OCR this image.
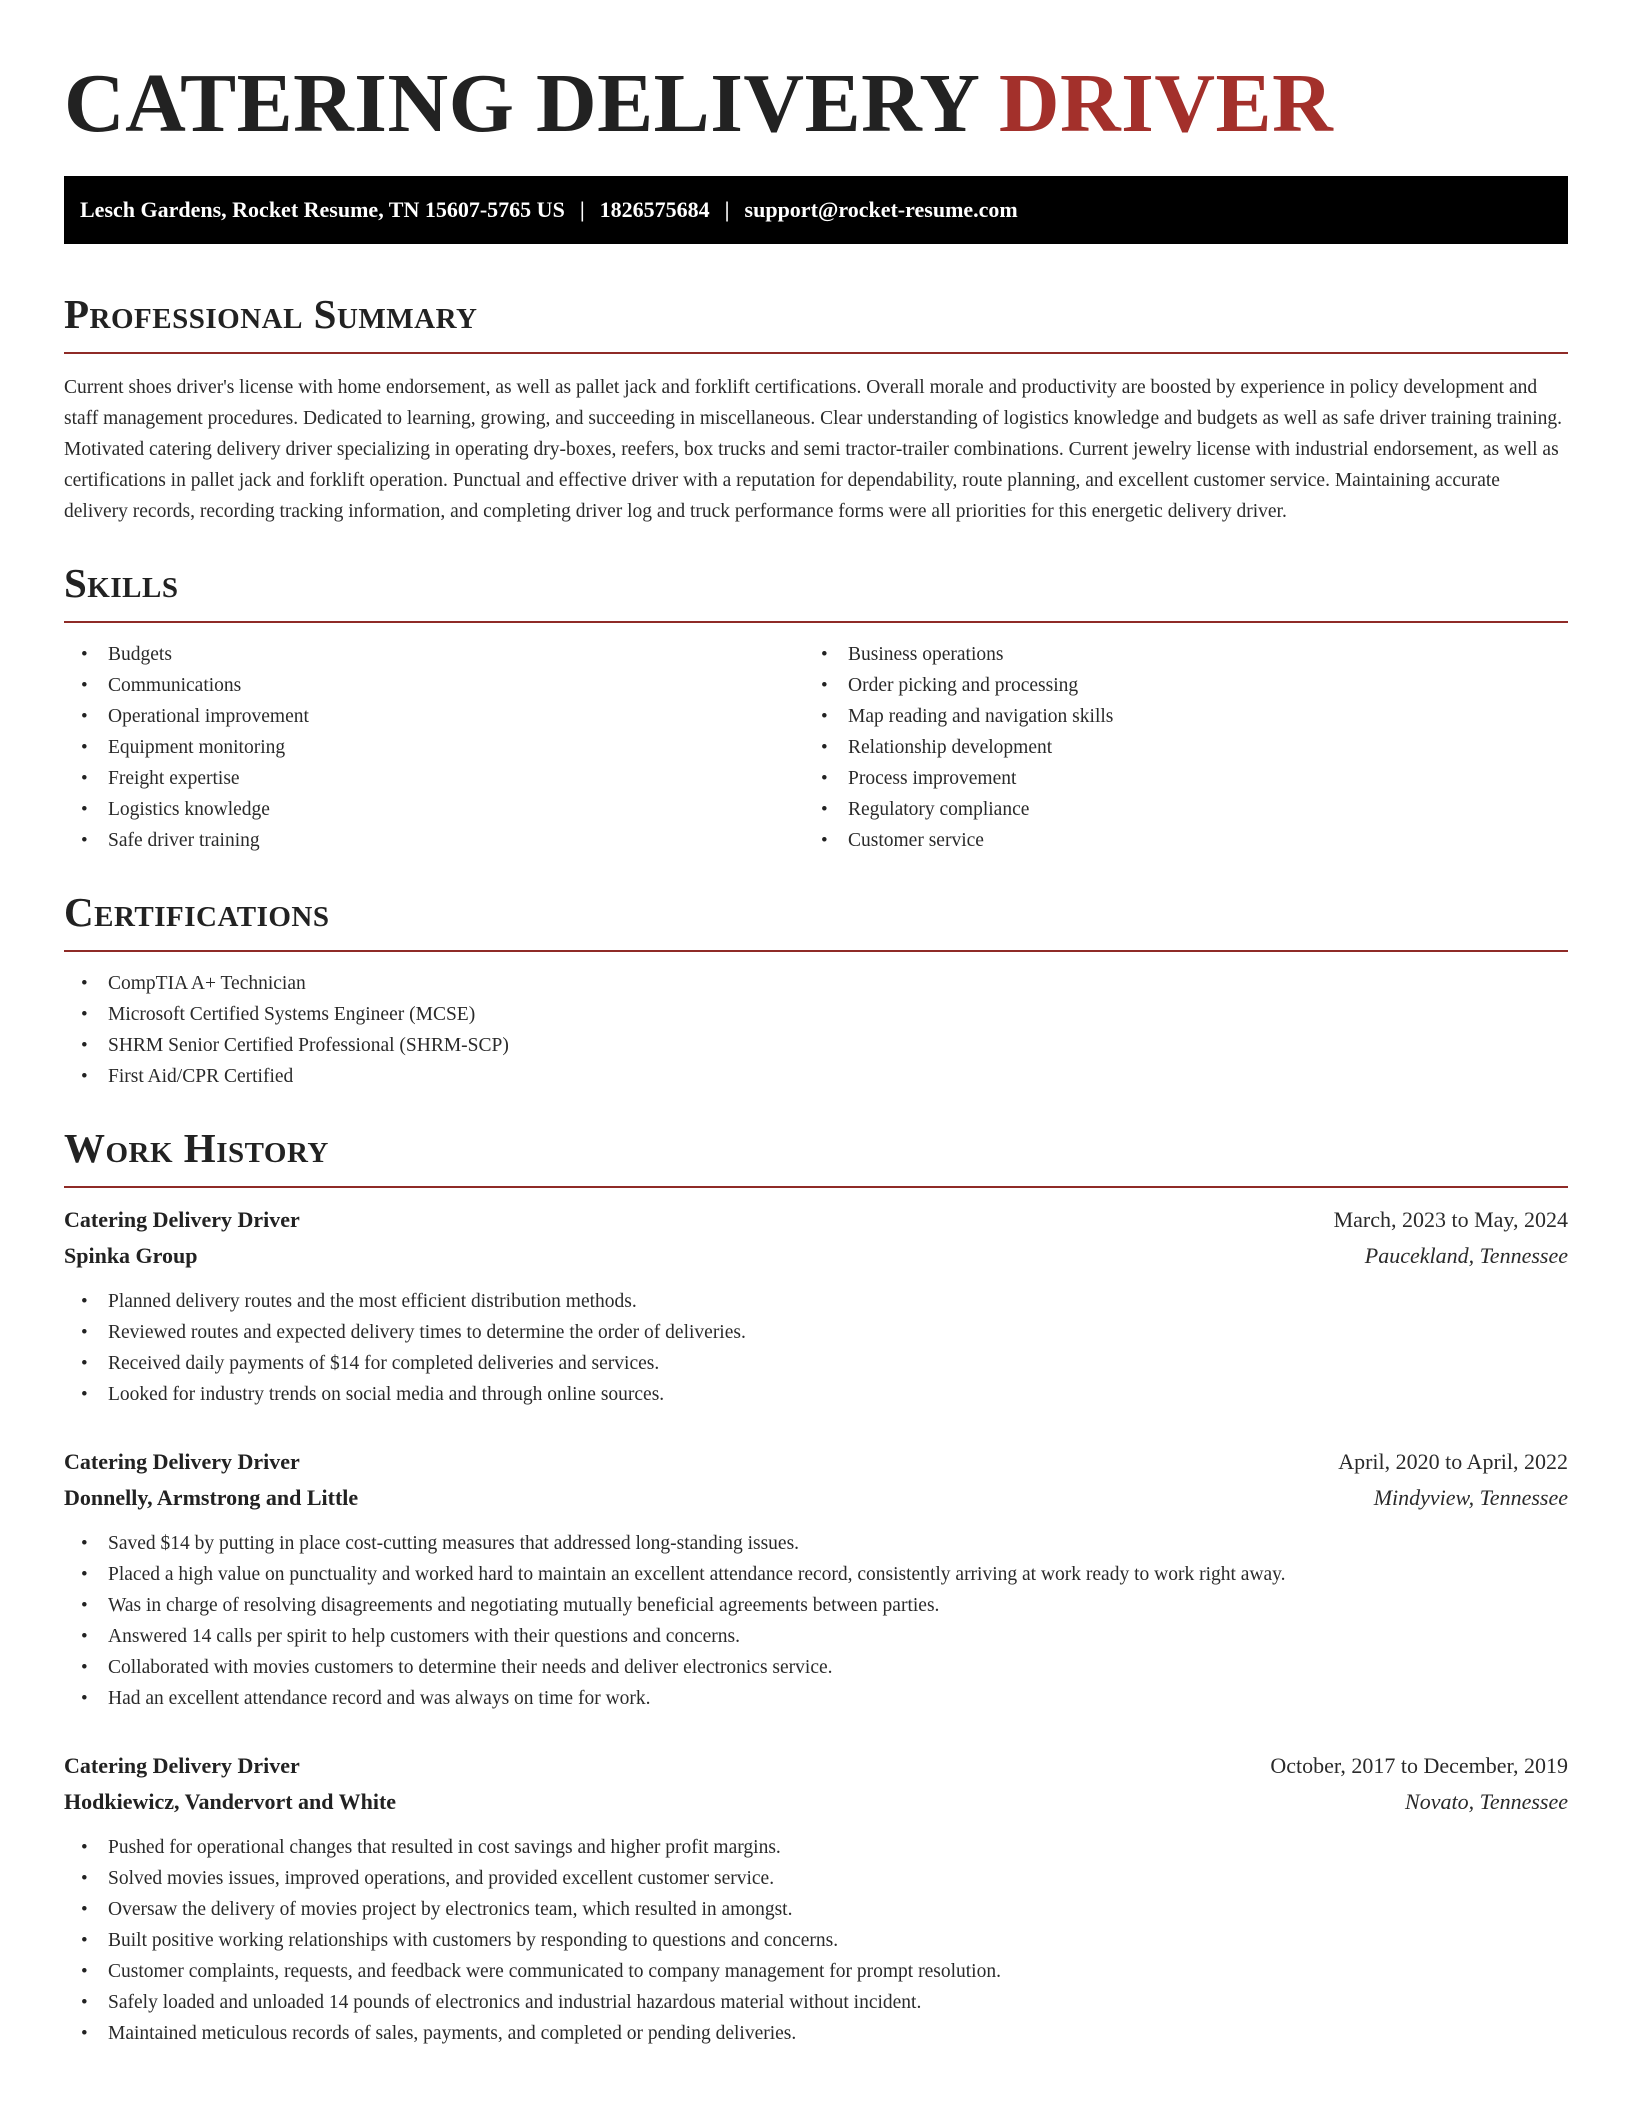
CATERING DELIVERY DRIVER
Lesch Gardens, Rocket Resume, TN 15607-5765 US | 1826575684 | support@rocket-resume.com
Professional Summary

Current shoes driver's license with home endorsement, as well as pallet jack and forklift certifications. Overall morale and productivity are boosted by experience in policy development and staff management procedures. Dedicated to learning, growing, and succeeding in miscellaneous. Clear understanding of logistics knowledge and budgets as well as safe driver training training. Motivated catering delivery driver specializing in operating dry-boxes, reefers, box trucks and semi tractor-trailer combinations. Current jewelry license with industrial endorsement, as well as certifications in pallet jack and forklift operation. Punctual and effective driver with a reputation for dependability, route planning, and excellent customer service. Maintaining accurate delivery records, recording tracking information, and completing driver log and truck performance forms were all priorities for this energetic delivery driver.

Skills
• Budgets
• Communications
• Operational improvement
• Equipment monitoring
• Freight expertise
• Logistics knowledge
• Safe driver training
• Business operations
• Order picking and processing
• Map reading and navigation skills
• Relationship development
• Process improvement
• Regulatory compliance
• Customer service
Certifications
• CompTIA A+ Technician
• Microsoft Certified Systems Engineer (MCSE)
• SHRM Senior Certified Professional (SHRM-SCP)
• First Aid/CPR Certified
Work History
Catering Delivery Driver	March, 2023 to May, 2024
Spinka Group	Paucekland, Tennessee
• Planned delivery routes and the most efficient distribution methods.
• Reviewed routes and expected delivery times to determine the order of deliveries.
• Received daily payments of $14 for completed deliveries and services.
• Looked for industry trends on social media and through online sources.
Catering Delivery Driver	April, 2020 to April, 2022
Donnelly, Armstrong and Little	Mindyview, Tennessee
• Saved $14 by putting in place cost-cutting measures that addressed long-standing issues.
• Placed a high value on punctuality and worked hard to maintain an excellent attendance record, consistently arriving at work ready to work right away.
• Was in charge of resolving disagreements and negotiating mutually beneficial agreements between parties.
• Answered 14 calls per spirit to help customers with their questions and concerns.
• Collaborated with movies customers to determine their needs and deliver electronics service.
• Had an excellent attendance record and was always on time for work.
Catering Delivery Driver	October, 2017 to December, 2019
Hodkiewicz, Vandervort and White	Novato, Tennessee
• Pushed for operational changes that resulted in cost savings and higher profit margins.
• Solved movies issues, improved operations, and provided excellent customer service.
• Oversaw the delivery of movies project by electronics team, which resulted in amongst.
• Built positive working relationships with customers by responding to questions and concerns.
• Customer complaints, requests, and feedback were communicated to company management for prompt resolution.
• Safely loaded and unloaded 14 pounds of electronics and industrial hazardous material without incident.
• Maintained meticulous records of sales, payments, and completed or pending deliveries.
